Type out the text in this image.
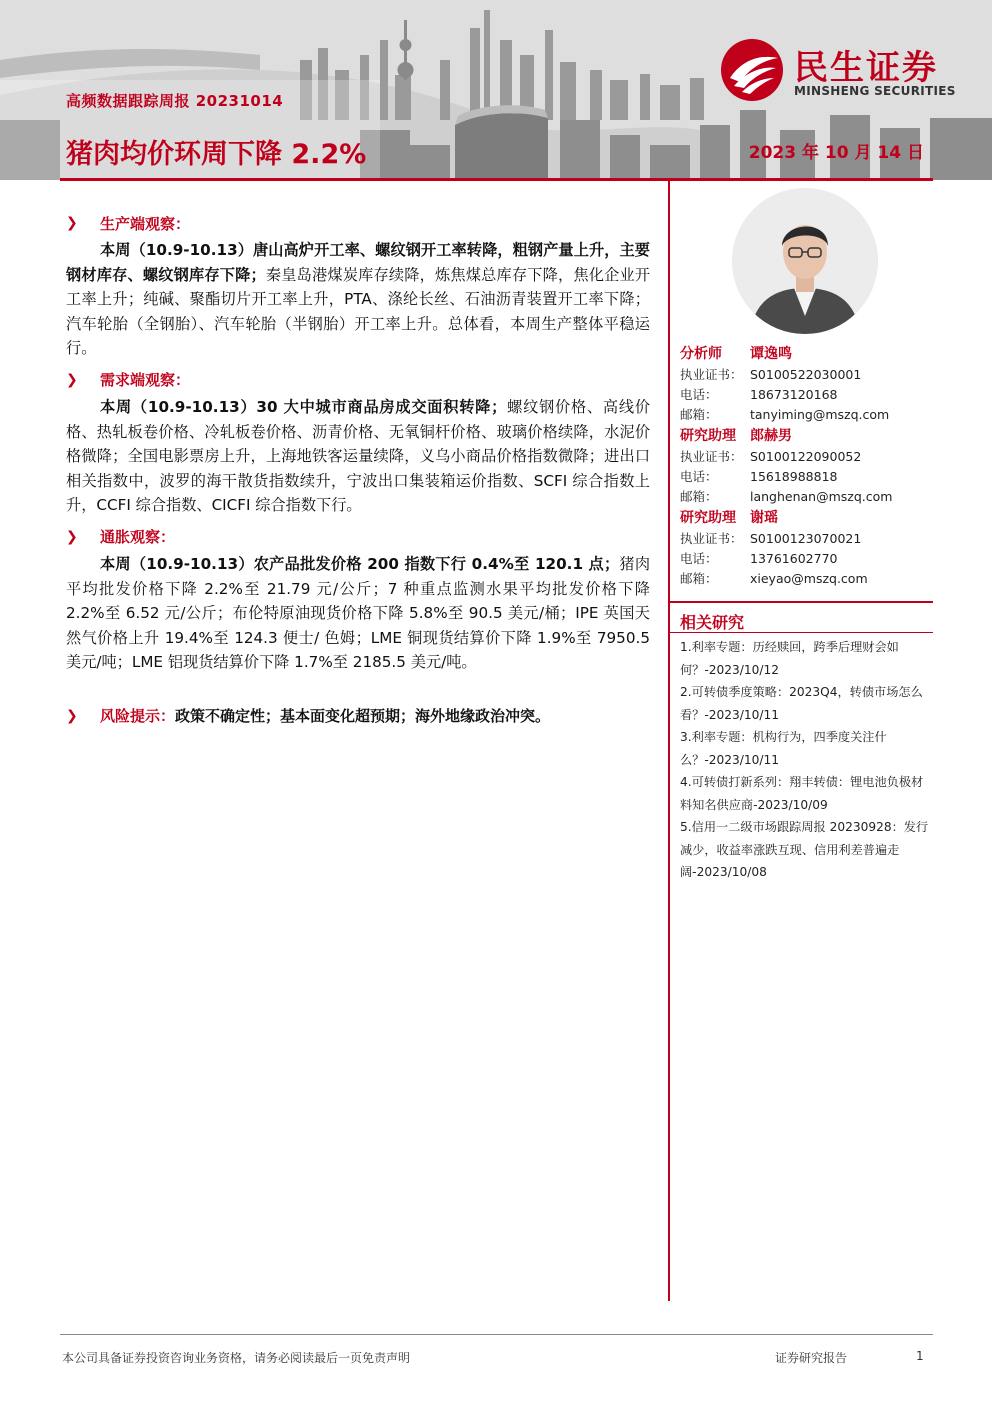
民生证券
MINSHENG SECURITIES
高频数据跟踪周报 20231014
猪肉均价环周下降 2.2%	2023 年 10 月 14 日
❯	生产端观察：

本周（10.9-10.13）唐山高炉开工率、螺纹钢开工率转降，粗钢产量上升，主要钢材库存、螺纹钢库存下降；秦皇岛港煤炭库存续降，炼焦煤总库存下降，焦化企业开工率上升；纯碱、聚酯切片开工率上升，PTA、涤纶长丝、石油沥青装置开工率下降；汽车轮胎（全钢胎）、汽车轮胎（半钢胎）开工率上升。总体看，本周生产整体平稳运行。

❯	需求端观察：

本周（10.9-10.13）30 大中城市商品房成交面积转降；螺纹钢价格、高线价格、热轧板卷价格、冷轧板卷价格、沥青价格、无氧铜杆价格、玻璃价格续降，水泥价格微降；全国电影票房上升，上海地铁客运量续降，义乌小商品价格指数微降；进出口相关指数中，波罗的海干散货指数续升，宁波出口集装箱运价指数、SCFI 综合指数上升，CCFI 综合指数、CICFI 综合指数下行。

❯	通胀观察：

本周（10.9-10.13）农产品批发价格 200 指数下行 0.4%至 120.1 点；猪肉平均批发价格下降 2.2%至 21.79 元/公斤；7 种重点监测水果平均批发价格下降 2.2%至 6.52 元/公斤；布伦特原油现货价格下降 5.8%至 90.5 美元/桶；IPE 英国天然气价格上升 19.4%至 124.3 便士/ 色姆；LME 铜现货结算价下降 1.9%至 7950.5 美元/吨；LME 铝现货结算价下降 1.7%至 2185.5 美元/吨。

❯	风险提示： 政策不确定性；基本面变化超预期；海外地缘政治冲突。
分析师	谭逸鸣
执业证书： S0100522030001
电话：	18673120168
邮箱：	tanyiming@mszq.com
研究助理	郎赫男
执业证书： S0100122090052
电话：	15618988818
邮箱：	langhenan@mszq.com
研究助理	谢瑶
执业证书： S0100123070021
电话：	13761602770
邮箱：	xieyao@mszq.com
相关研究
1.利率专题：历经赎回，跨季后理财会如何？-2023/10/12
2.可转债季度策略：2023Q4，转债市场怎么看？-2023/10/11
3.利率专题：机构行为，四季度关注什么？-2023/10/11
4.可转债打新系列：翔丰转债：锂电池负极材料知名供应商-2023/10/09
5.信用一二级市场跟踪周报 20230928：发行减少，收益率涨跌互现、信用利差普遍走阔-2023/10/08
本公司具备证券投资咨询业务资格，请务必阅读最后一页免责声明	证券研究报告	1
